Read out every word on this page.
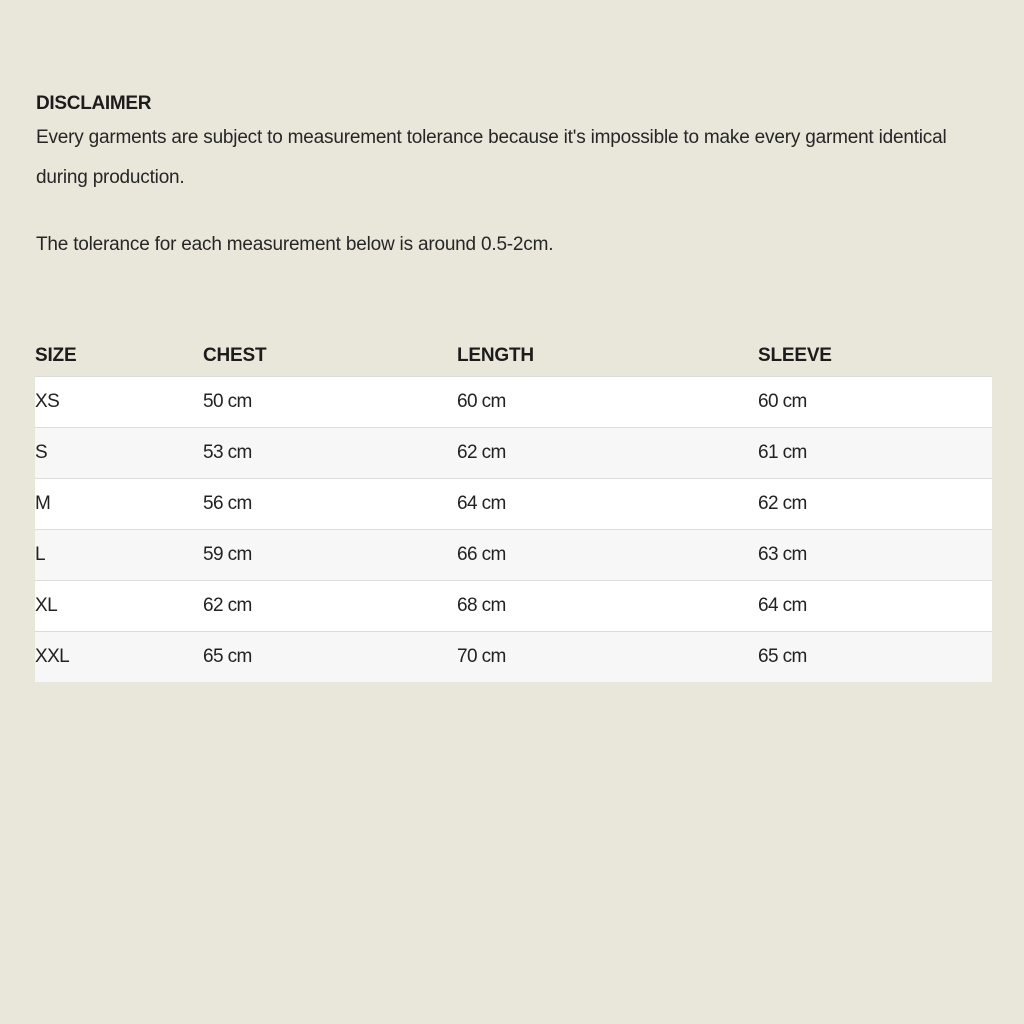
DISCLAIMER

Every garments are subject to measurement tolerance because it's impossible to make every garment identical during production.

The tolerance for each measurement below is around 0.5-2cm.

SIZE	CHEST	LENGTH	SLEEVE
XS	50 cm	60 cm	60 cm
S	53 cm	62 cm	61 cm
M	56 cm	64 cm	62 cm
L	59 cm	66 cm	63 cm
XL	62 cm	68 cm	64 cm
XXL	65 cm	70 cm	65 cm
